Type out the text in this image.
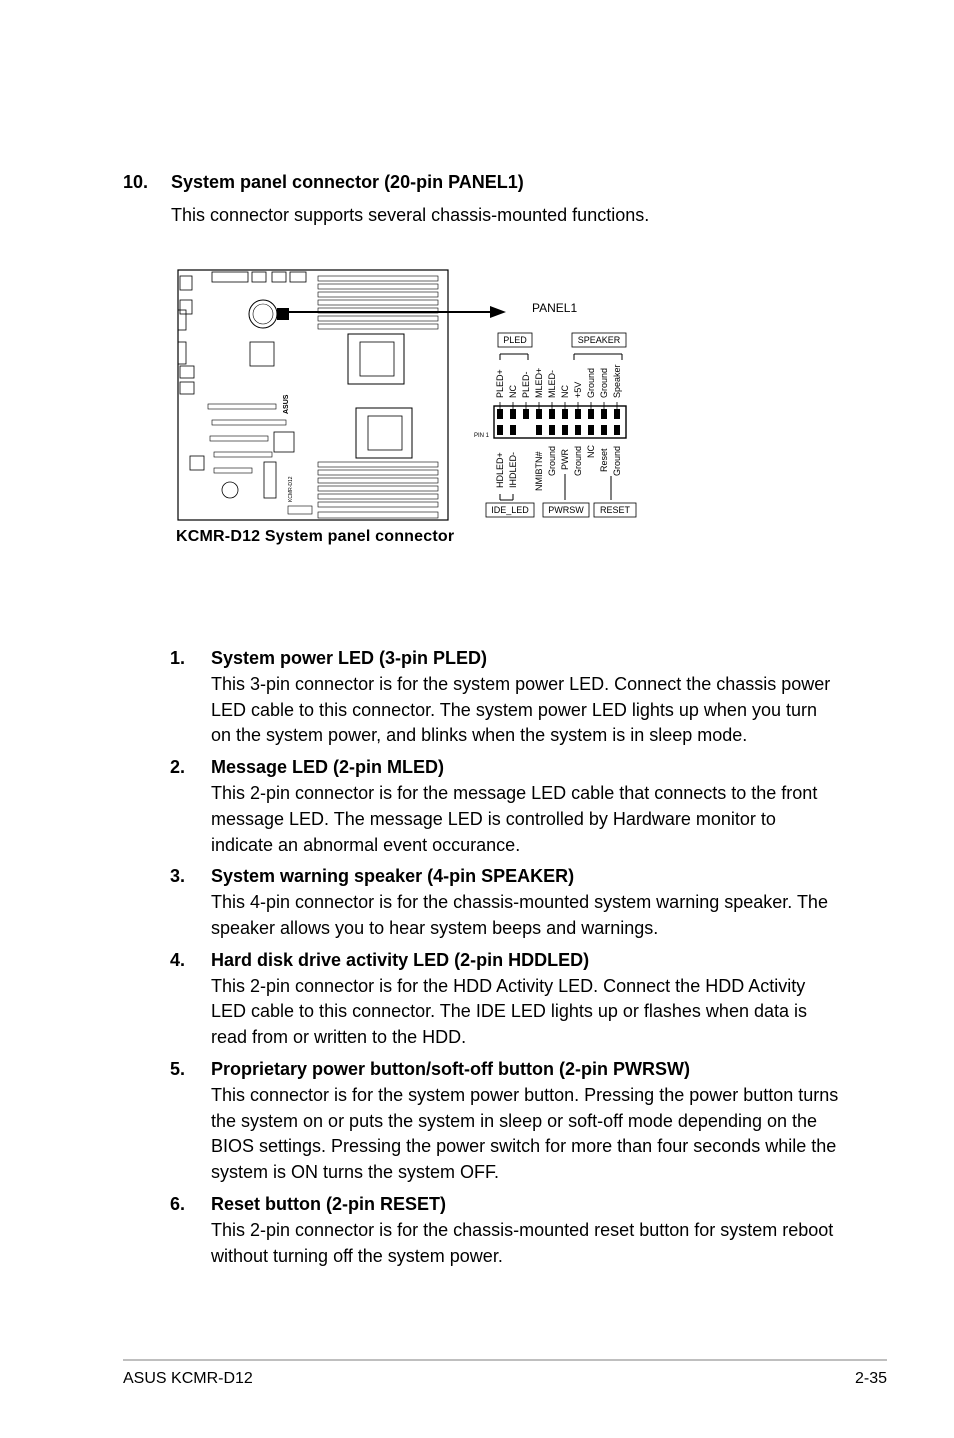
10. System panel connector (20-pin PANEL1)
This connector supports several chassis-mounted functions.
ASUS
KCMR-D12
PANEL1
PLED	SPEAKER
PLED+ NC PLED- MLED+ MLED- NC +5V Ground Ground Speaker
PIN 1
HDLED+ IHDLED- NMIBTN# Ground PWR Ground NC Reset Ground
IDE_LED PWRSW RESET
KCMR-D12 System panel connector
1. System power LED (3-pin PLED)
This 3-pin connector is for the system power LED. Connect the chassis power LED cable to this connector. The system power LED lights up when you turn on the system power, and blinks when the system is in sleep mode.
2. Message LED (2-pin MLED)
This 2-pin connector is for the message LED cable that connects to the front message LED. The message LED is controlled by Hardware monitor to indicate an abnormal event occurance.
3. System warning speaker (4-pin SPEAKER)
This 4-pin connector is for the chassis-mounted system warning speaker. The speaker allows you to hear system beeps and warnings.
4. Hard disk drive activity LED (2-pin HDDLED)
This 2-pin connector is for the HDD Activity LED. Connect the HDD Activity LED cable to this connector. The IDE LED lights up or flashes when data is read from or written to the HDD.
5. Proprietary power button/soft-off button (2-pin PWRSW)
This connector is for the system power button. Pressing the power button turns the system on or puts the system in sleep or soft-off mode depending on the BIOS settings. Pressing the power switch for more than four seconds while the system is ON turns the system OFF.
6. Reset button (2-pin RESET)
This 2-pin connector is for the chassis-mounted reset button for system reboot without turning off the system power.
ASUS KCMR-D12	2-35
